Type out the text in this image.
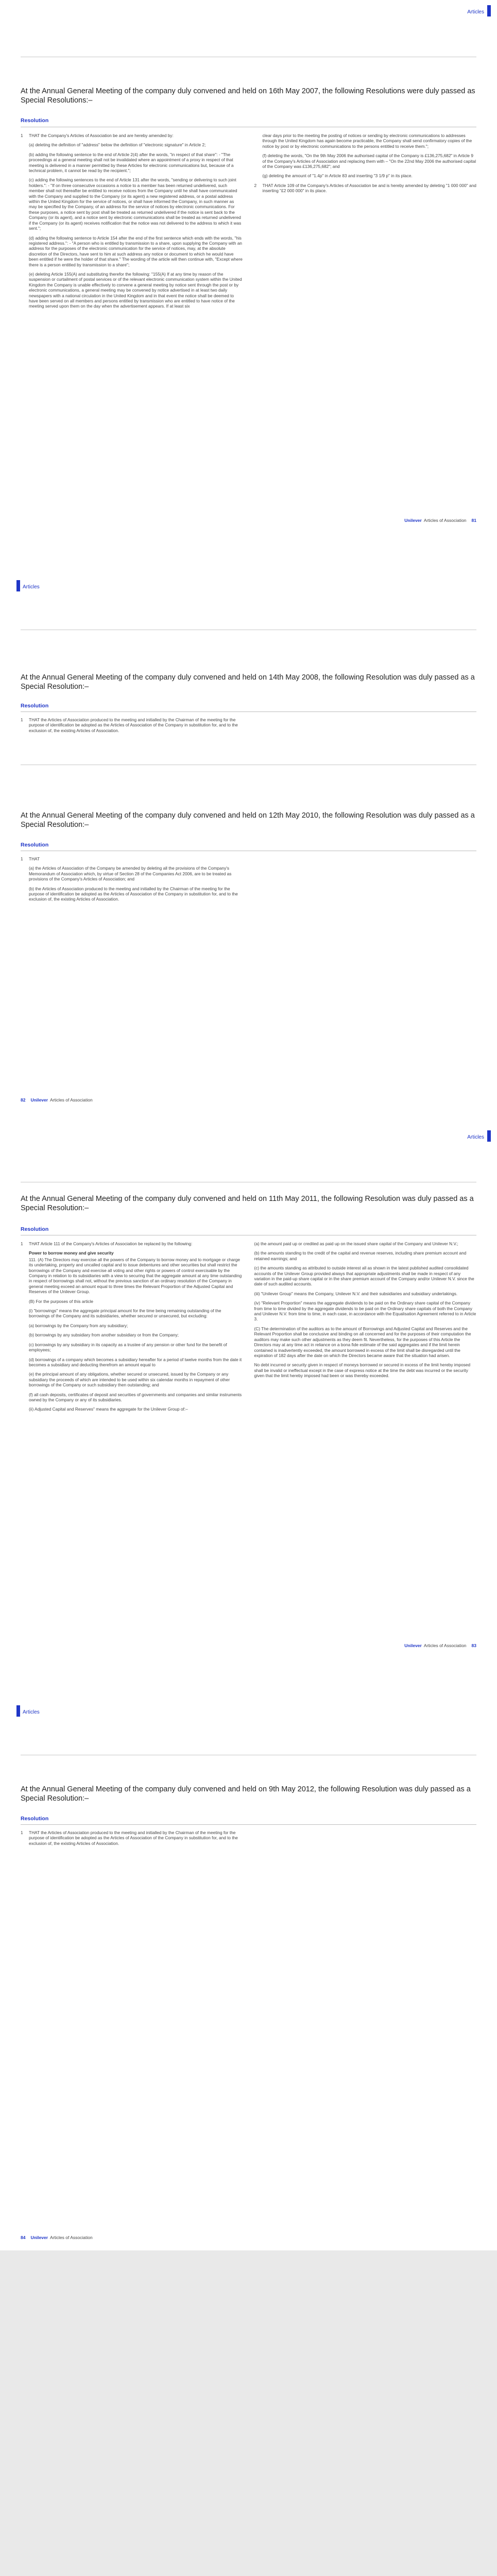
Articles
At the Annual General Meeting of the company duly convened and held on 16th May 2007, the following Resolutions were duly passed as Special Resolutions:–
Resolution
1	THAT the Company's Articles of Association be and are hereby amended by:

(a) deleting the definition of "address" below the definition of "electronic signature" in Article 2;

(b) adding the following sentence to the end of Article 2(4) after the words, "in respect of that share": - "The proceedings at a general meeting shall not be invalidated where an appointment of a proxy in respect of that meeting is delivered in a manner permitted by these Articles for electronic communications but, because of a technical problem, it cannot be read by the recipient.";

(c) adding the following sentences to the end of Article 131 after the words, "sending or delivering to such joint holders.": - "If on three consecutive occasions a notice to a member has been returned undelivered, such member shall not thereafter be entitled to receive notices from the Company until he shall have communicated with the Company and supplied to the Company (or its agent) a new registered address, or a postal address within the United Kingdom for the service of notices, or shall have informed the Company, in such manner as may be specified by the Company, of an address for the service of notices by electronic communications. For these purposes, a notice sent by post shall be treated as returned undelivered if the notice is sent back to the Company (or its agent), and a notice sent by electronic communications shall be treated as returned undelivered if the Company (or its agent) receives notification that the notice was not delivered to the address to which it was sent.";

(d) adding the following sentence to Article 154 after the end of the first sentence which ends with the words, "his registered address.": - "A person who is entitled by transmission to a share, upon supplying the Company with an address for the purposes of the electronic communication for the service of notices, may, at the absolute discretion of the Directors, have sent to him at such address any notice or document to which he would have been entitled if he were the holder of that share." The wording of the article will then continue with, "Except where there is a person entitled by transmission to a share";

(e) deleting Article 155(A) and substituting therefor the following: "155(A) If at any time by reason of the suspension or curtailment of postal services or of the relevant electronic communication system within the United Kingdom the Company is unable effectively to convene a general meeting by notice sent through the post or by electronic communications, a general meeting may be convened by notice advertised in at least two daily newspapers with a national circulation in the United Kingdom and in that event the notice shall be deemed to have been served on all members and persons entitled by transmission who are entitled to have notice of the meeting served upon them on the day when the advertisement appears. If at least six

clear days prior to the meeting the posting of notices or sending by electronic communications to addresses through the United Kingdom has again become practicable, the Company shall send confirmatory copies of the notice by post or by electronic communications to the persons entitled to receive them.";

(f) deleting the words, "On the 9th May 2006 the authorised capital of the Company is £136,275,682" in Article 9 of the Company's Articles of Association and replacing them with – "On the 22nd May 2006 the authorised capital of the Company was £136,275,682"; and

(g) deleting the amount of "1.4p" in Article 83 and inserting "3 1/9 p" in its place.

2	THAT Article 109 of the Company's Articles of Association be and is hereby amended by deleting "1 000 000" and inserting "£2 000 000" in its place.

Unilever Articles of Association 81
Articles
At the Annual General Meeting of the company duly convened and held on 14th May 2008, the following Resolution was duly passed as a Special Resolution:–
Resolution
1	THAT the Articles of Association produced to the meeting and initialled by the Chairman of the meeting for the purpose of identification be adopted as the Articles of Association of the Company in substitution for, and to the exclusion of, the existing Articles of Association.

At the Annual General Meeting of the company duly convened and held on 12th May 2010, the following Resolution was duly passed as a Special Resolution:–
Resolution
1	THAT

(a) the Articles of Association of the Company be amended by deleting all the provisions of the Company's Memorandum of Association which, by virtue of Section 28 of the Companies Act 2006, are to be treated as provisions of the Company's Articles of Association; and

(b) the Articles of Association produced to the meeting and initialled by the Chairman of the meeting for the purpose of identification be adopted as the Articles of Association of the Company in substitution for, and to the exclusion of, the existing Articles of Association.

82 Unilever Articles of Association
Articles
At the Annual General Meeting of the company duly convened and held on 11th May 2011, the following Resolution was duly passed as a Special Resolution:–
Resolution
1	THAT Article 111 of the Company's Articles of Association be replaced by the following:

Power to borrow money and give security

111. (A) The Directors may exercise all the powers of the Company to borrow money and to mortgage or charge its undertaking, property and uncalled capital and to issue debentures and other securities but shall restrict the borrowings of the Company and exercise all voting and other rights or powers of control exercisable by the Company in relation to its subsidiaries with a view to securing that the aggregate amount at any time outstanding in respect of borrowings shall not, without the previous sanction of an ordinary resolution of the Company in general meeting exceed an amount equal to three times the Relevant Proportion of the Adjusted Capital and Reserves of the Unilever Group.

(B) For the purposes of this article

(i) "borrowings" means the aggregate principal amount for the time being remaining outstanding of the borrowings of the Company and its subsidiaries, whether secured or unsecured, but excluding:

(a) borrowings by the Company from any subsidiary;

(b) borrowings by any subsidiary from another subsidiary or from the Company;

(c) borrowings by any subsidiary in its capacity as a trustee of any pension or other fund for the benefit of employees;

(d) borrowings of a company which becomes a subsidiary hereafter for a period of twelve months from the date it becomes a subsidiary and deducting therefrom an amount equal to

(e) the principal amount of any obligations, whether secured or unsecured, issued by the Company or any subsidiary the proceeds of which are intended to be used within six calendar months in repayment of other borrowings of the Company or such subsidiary then outstanding; and

(f) all cash deposits, certificates of deposit and securities of governments and companies and similar instruments owned by the Company or any of its subsidiaries.

(ii) Adjusted Capital and Reserves" means the aggregate for the Unilever Group of:–

(a) the amount paid up or credited as paid up on the issued share capital of the Company and Unilever N.V.;

(b) the amounts standing to the credit of the capital and revenue reserves, including share premium account and retained earnings; and

(c) the amounts standing as attributed to outside interest all as shown in the latest published audited consolidated accounts of the Unilever Group provided always that appropriate adjustments shall be made in respect of any variation in the paid-up share capital or in the share premium account of the Company and/or Unilever N.V. since the date of such audited accounts.

(iii) "Unilever Group" means the Company, Unilever N.V. and their subsidiaries and subsidiary undertakings.

(iv) "Relevant Proportion" means the aggregate dividends to be paid on the Ordinary share capital of the Company from time to time divided by the aggregate dividends to be paid on the Ordinary share capitals of both the Company and Unilever N.V. from time to time, in each case, in accordance with the Equalisation Agreement referred to in Article 3.

(C) The determination of the auditors as to the amount of Borrowings and Adjusted Capital and Reserves and the Relevant Proportion shall be conclusive and binding on all concerned and for the purposes of their computation the auditors may make such other adjustments as they deem fit. Nevertheless, for the purposes of this Article the Directors may at any time act in reliance on a bona fide estimate of the said aggregates and if the limit herein contained is inadvertently exceeded, the amount borrowed in excess of the limit shall be disregarded until the expiration of 182 days after the date on which the Directors became aware that the situation had arisen.

No debt incurred or security given in respect of moneys borrowed or secured in excess of the limit hereby imposed shall be invalid or ineffectual except in the case of express notice at the time the debt was incurred or the security given that the limit hereby imposed had been or was thereby exceeded.

Unilever Articles of Association 83
Articles
At the Annual General Meeting of the company duly convened and held on 9th May 2012, the following Resolution was duly passed as a Special Resolution:–
Resolution
1	THAT the Articles of Association produced to the meeting and initialled by the Chairman of the meeting for the purpose of identification be adopted as the Articles of Association of the Company in substitution for, and to the exclusion of, the existing Articles of Association.

84 Unilever Articles of Association
